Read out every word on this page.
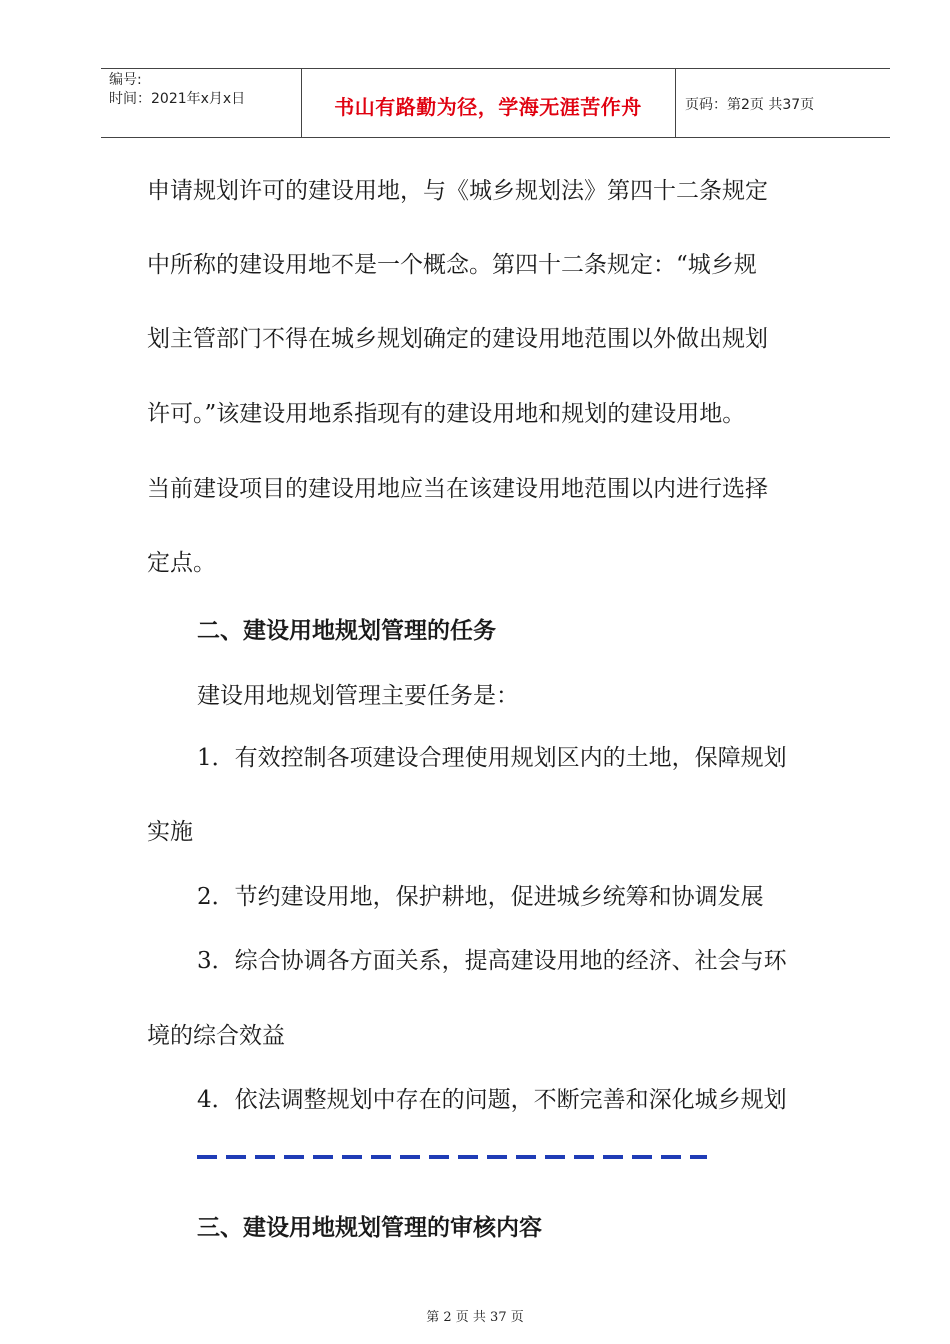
编号:
时间：2021年x月x日	书山有路勤为径，学海无涯苦作舟	页码：第2页 共37页
申请规划许可的建设用地，与《城乡规划法》第四十二条规定
中所称的建设用地不是一个概念。第四十二条规定：“城乡规
划主管部门不得在城乡规划确定的建设用地范围以外做出规划
许可。”该建设用地系指现有的建设用地和规划的建设用地。
当前建设项目的建设用地应当在该建设用地范围以内进行选择
定点。
二、建设用地规划管理的任务
建设用地规划管理主要任务是：
1．有效控制各项建设合理使用规划区内的土地，保障规划
实施
2．节约建设用地，保护耕地，促进城乡统筹和协调发展
3．综合协调各方面关系，提高建设用地的经济、社会与环
境的综合效益
4．依法调整规划中存在的问题，不断完善和深化城乡规划
三、建设用地规划管理的审核内容
第 2 页 共 37 页
